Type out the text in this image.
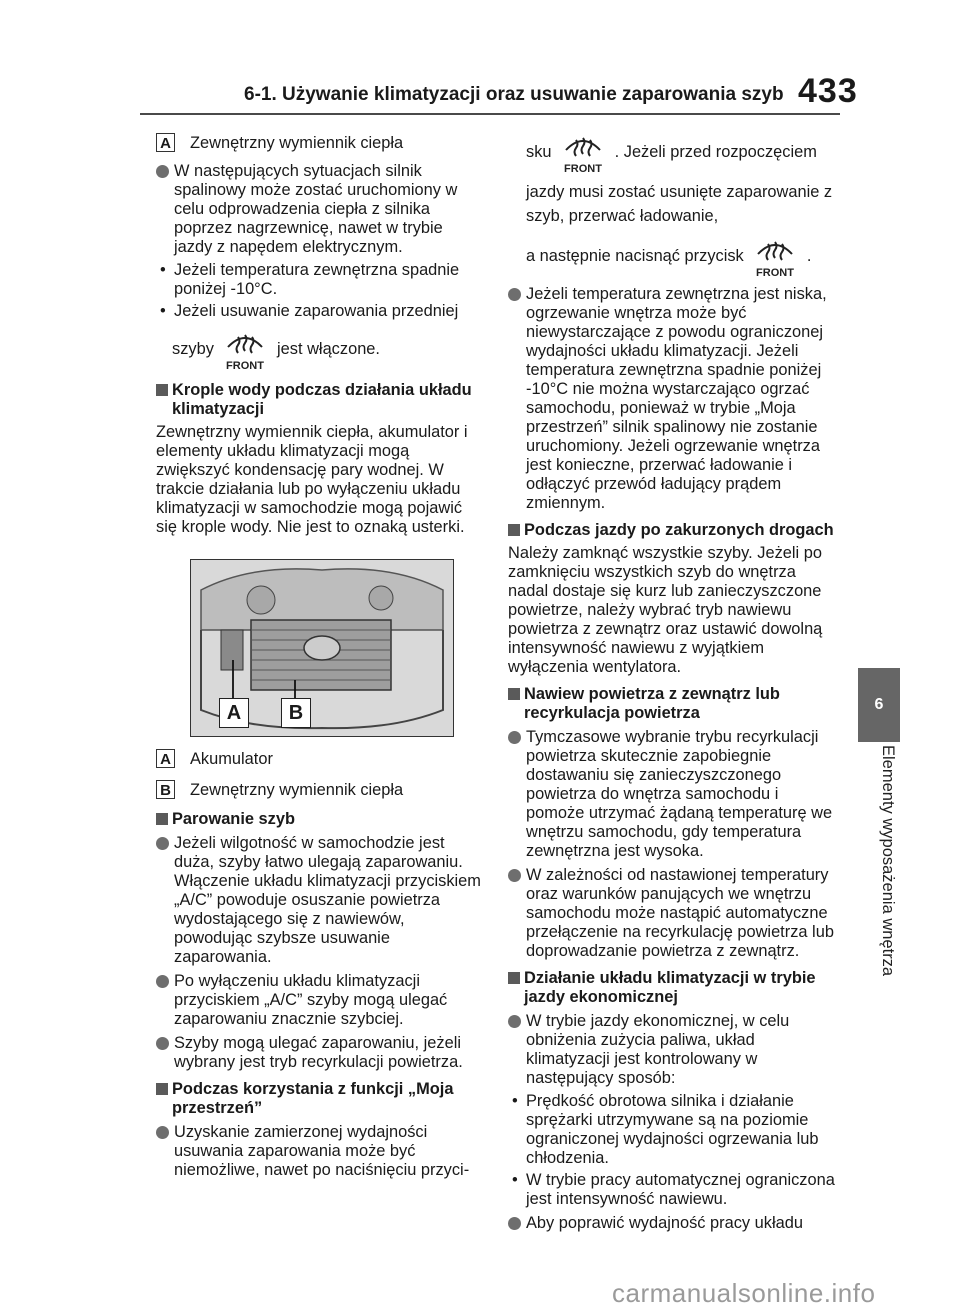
6-1. Używanie klimatyzacji oraz usuwanie zaparowania szyb 433
A Zewnętrzny wymiennik ciepła
W następujących sytuacjach silnik spalinowy może zostać uruchomiony w celu odprowadzenia ciepła z silnika poprzez nagrzewnicę, nawet w trybie jazdy z napędem elektrycznym.
• Jeżeli temperatura zewnętrzna spadnie poniżej -10°C.
• Jeżeli usuwanie zaparowania przedniej
szyby
FRONT
jest włączone.
Krople wody podczas działania układu klimatyzacji

Zewnętrzny wymiennik ciepła, akumulator i elementy układu klimatyzacji mogą zwiększyć kondensację pary wodnej. W trakcie działania lub po wyłączeniu układu klimatyzacji w samochodzie mogą pojawić się krople wody. Nie jest to oznaką usterki.

A	B
A Akumulator
B Zewnętrzny wymiennik ciepła
Parowanie szyb
Jeżeli wilgotność w samochodzie jest duża, szyby łatwo ulegają zaparowaniu. Włączenie układu klimatyzacji przyciskiem „A/C” powoduje osuszanie powietrza wydostającego się z nawiewów, powodując szybsze usuwanie zaparowania.
Po wyłączeniu układu klimatyzacji przyciskiem „A/C” szyby mogą ulegać zaparowaniu znacznie szybciej.
Szyby mogą ulegać zaparowaniu, jeżeli wybrany jest tryb recyrkulacji powietrza.
Podczas korzystania z funkcji „Moja przestrzeń”
Uzyskanie zamierzonej wydajności usuwania zaparowania może być niemożliwe, nawet po naciśnięciu przyci-
sku
FRONT
. Jeżeli przed rozpoczęciem

jazdy musi zostać usunięte zaparowanie z szyb, przerwać ładowanie,

a następnie nacisnąć przycisk
FRONT
.
Jeżeli temperatura zewnętrzna jest niska, ogrzewanie wnętrza może być niewystarczające z powodu ograniczonej wydajności układu klimatyzacji. Jeżeli temperatura zewnętrzna spadnie poniżej -10°C nie można wystarczająco ogrzać samochodu, ponieważ w trybie „Moja przestrzeń” silnik spalinowy nie zostanie uruchomiony. Jeżeli ogrzewanie wnętrza jest konieczne, przerwać ładowanie i odłączyć przewód ładujący prądem zmiennym.
Podczas jazdy po zakurzonych drogach

Należy zamknąć wszystkie szyby. Jeżeli po zamknięciu wszystkich szyb do wnętrza nadal dostaje się kurz lub zanieczyszczone powietrze, należy wybrać tryb nawiewu powietrza z zewnątrz oraz ustawić dowolną intensywność nawiewu z wyjątkiem wyłączenia wentylatora.

Nawiew powietrza z zewnątrz lub recyrkulacja powietrza
Tymczasowe wybranie trybu recyrkulacji powietrza skutecznie zapobiegnie dostawaniu się zanieczyszczonego powietrza do wnętrza samochodu i pomoże utrzymać żądaną temperaturę we wnętrzu samochodu, gdy temperatura zewnętrzna jest wysoka.
W zależności od nastawionej temperatury oraz warunków panujących we wnętrzu samochodu może nastąpić automatyczne przełączenie na recyrkulację powietrza lub doprowadzanie powietrza z zewnątrz.
Działanie układu klimatyzacji w trybie jazdy ekonomicznej
W trybie jazdy ekonomicznej, w celu obniżenia zużycia paliwa, układ klimatyzacji jest kontrolowany w następujący sposób:
• Prędkość obrotowa silnika i działanie sprężarki utrzymywane są na poziomie ograniczonej wydajności ogrzewania lub chłodzenia.
• W trybie pracy automatycznej ograniczona jest intensywność nawiewu.
Aby poprawić wydajność pracy układu
6
Elementy wyposażenia wnętrza
carmanualsonline.info
